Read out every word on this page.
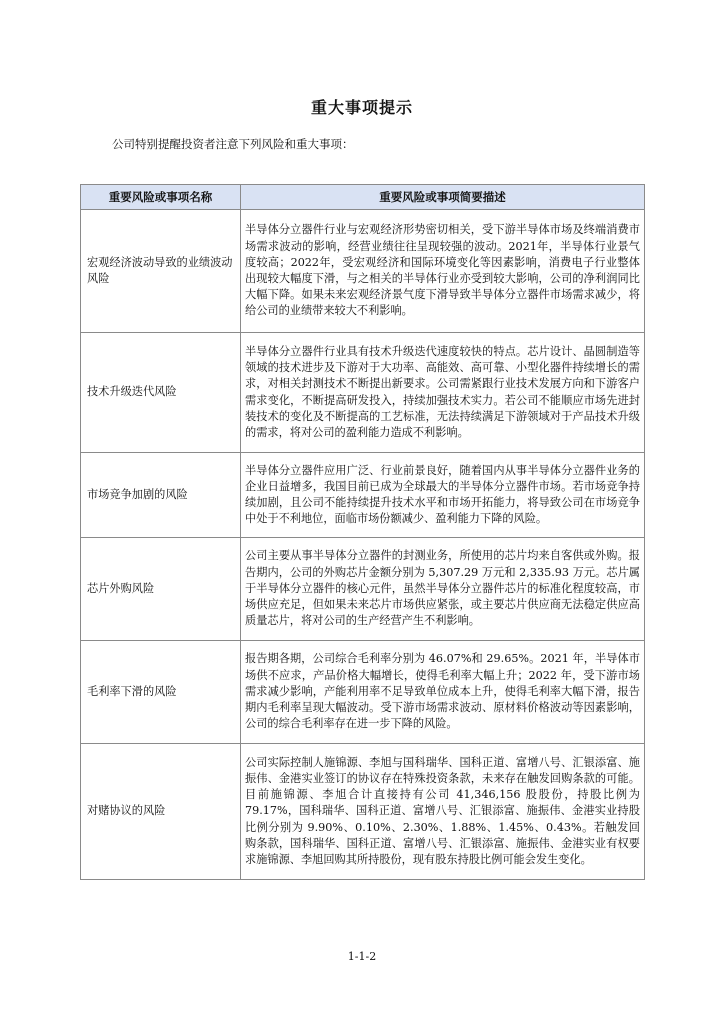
重大事项提示
公司特别提醒投资者注意下列风险和重大事项：
重要风险或事项名称	重要风险或事项简要描述
宏观经济波动导致的业绩波动风险	半导体分立器件行业与宏观经济形势密切相关，受下游半导体市场及终端消费市场需求波动的影响，经营业绩往往呈现较强的波动。2021年，半导体行业景气度较高；2022年，受宏观经济和国际环境变化等因素影响，消费电子行业整体出现较大幅度下滑，与之相关的半导体行业亦受到较大影响，公司的净利润同比大幅下降。如果未来宏观经济景气度下滑导致半导体分立器件市场需求减少，将给公司的业绩带来较大不利影响。
技术升级迭代风险	半导体分立器件行业具有技术升级迭代速度较快的特点。芯片设计、晶圆制造等领域的技术进步及下游对于大功率、高能效、高可靠、小型化器件持续增长的需求，对相关封测技术不断提出新要求。公司需紧跟行业技术发展方向和下游客户需求变化，不断提高研发投入，持续加强技术实力。若公司不能顺应市场先进封装技术的变化及不断提高的工艺标准，无法持续满足下游领域对于产品技术升级的需求，将对公司的盈利能力造成不利影响。
市场竞争加剧的风险	半导体分立器件应用广泛、行业前景良好，随着国内从事半导体分立器件业务的企业日益增多，我国目前已成为全球最大的半导体分立器件市场。若市场竞争持续加剧，且公司不能持续提升技术水平和市场开拓能力，将导致公司在市场竞争中处于不利地位，面临市场份额减少、盈利能力下降的风险。
芯片外购风险	公司主要从事半导体分立器件的封测业务，所使用的芯片均来自客供或外购。报告期内，公司的外购芯片金额分别为 5,307.29 万元和 2,335.93 万元。芯片属于半导体分立器件的核心元件，虽然半导体分立器件芯片的标准化程度较高，市场供应充足，但如果未来芯片市场供应紧张，或主要芯片供应商无法稳定供应高质量芯片，将对公司的生产经营产生不利影响。
毛利率下滑的风险	报告期各期，公司综合毛利率分别为 46.07%和 29.65%。2021 年，半导体市场供不应求，产品价格大幅增长，使得毛利率大幅上升；2022 年，受下游市场需求减少影响，产能利用率不足导致单位成本上升，使得毛利率大幅下滑，报告期内毛利率呈现大幅波动。受下游市场需求波动、原材料价格波动等因素影响，公司的综合毛利率存在进一步下降的风险。
对赌协议的风险	公司实际控制人施锦源、李旭与国科瑞华、国科正道、富增八号、汇银添富、施振伟、金港实业签订的协议存在特殊投资条款，未来存在触发回购条款的可能。目前施锦源、李旭合计直接持有公司 41,346,156 股股份，持股比例为 79.17%，国科瑞华、国科正道、富增八号、汇银添富、施振伟、金港实业持股比例分别为 9.90%、0.10%、2.30%、1.88%、1.45%、0.43%。若触发回购条款，国科瑞华、国科正道、富增八号、汇银添富、施振伟、金港实业有权要求施锦源、李旭回购其所持股份，现有股东持股比例可能会发生变化。
1-1-2
